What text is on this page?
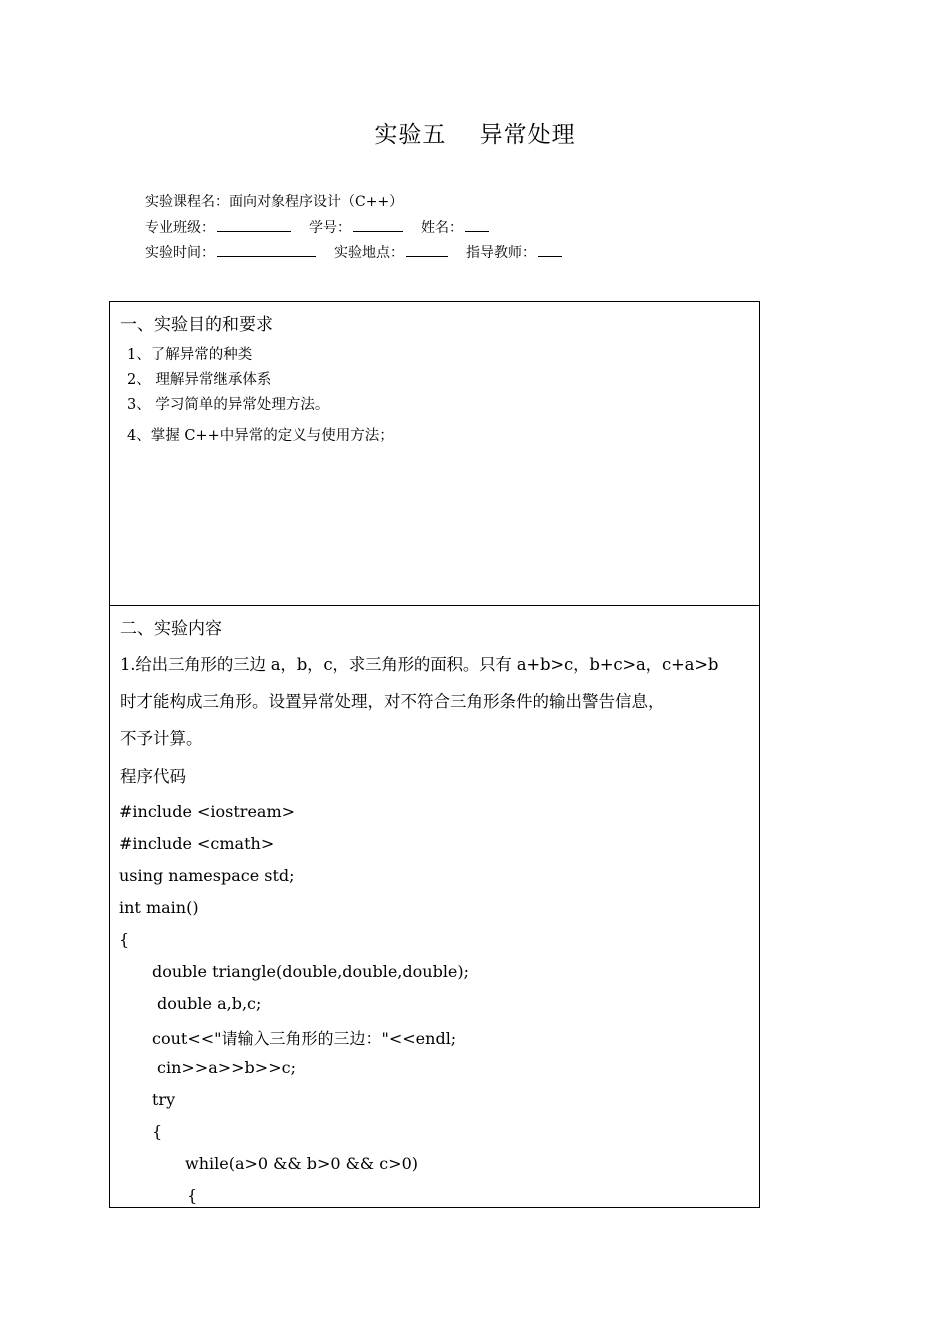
实验五    异常处理
实验课程名：面向对象程序设计（C++）
专业班级：	学号：	姓名：
实验时间：	实验地点：	指导教师：
一、实验目的和要求
1、了解异常的种类
2、 理解异常继承体系
3、 学习简单的异常处理方法。
4、掌握 C++中异常的定义与使用方法；
二、实验内容
1.给出三角形的三边 a，b，c，求三角形的面积。只有 a+b>c，b+c>a，c+a>b
时才能构成三角形。设置异常处理，对不符合三角形条件的输出警告信息，
不予计算。
程序代码
#include <iostream>
#include <cmath>
using namespace std;
int main()
{
double triangle(double,double,double);
double a,b,c;
cout<<"请输入三角形的三边："<<endl;
cin>>a>>b>>c;
try
{
while(a>0 && b>0 && c>0)
{
